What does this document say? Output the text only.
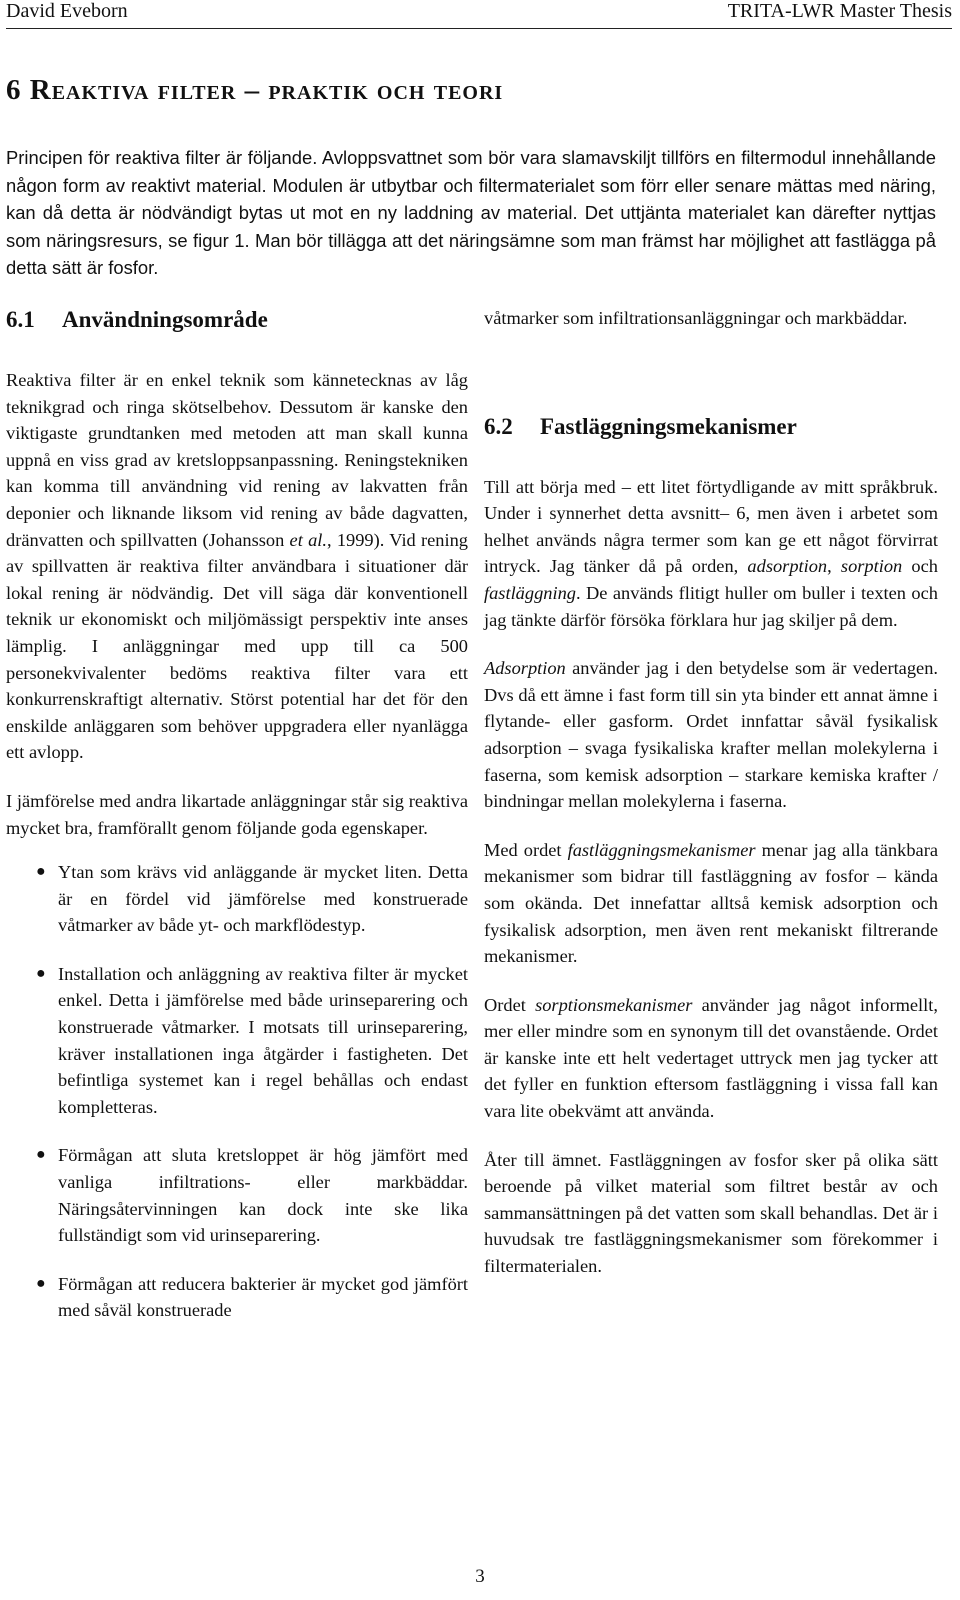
David Eveborn	TRITA-LWR Master Thesis
6 Reaktiva filter – praktik och teori
Principen för reaktiva filter är följande. Avloppsvattnet som bör vara slamavskiljt tillförs en filtermodul innehållande någon form av reaktivt material. Modulen är utbytbar och filtermaterialet som förr eller senare mättas med näring, kan då detta är nödvändigt bytas ut mot en ny laddning av material. Det uttjänta materialet kan därefter nyttjas som näringsresurs, se figur 1. Man bör tillägga att det näringsämne som man främst har möjlighet att fastlägga på detta sätt är fosfor.
6.1 Användningsområde

Reaktiva filter är en enkel teknik som kännetecknas av låg teknikgrad och ringa skötselbehov. Dessutom är kanske den viktigaste grundtanken med metoden att man skall kunna uppnå en viss grad av kretsloppsanpassning. Reningstekniken kan komma till användning vid rening av lakvatten från deponier och liknande liksom vid rening av både dagvatten, dränvatten och spillvatten (Johansson et al., 1999). Vid rening av spillvatten är reaktiva filter användbara i situationer där lokal rening är nödvändig. Det vill säga där konventionell teknik ur ekonomiskt och miljömässigt perspektiv inte anses lämplig. I anläggningar med upp till ca 500 personekvivalenter bedöms reaktiva filter vara ett konkurrenskraftigt alternativ. Störst potential har det för den enskilde anläggaren som behöver uppgradera eller nyanlägga ett avlopp.

I jämförelse med andra likartade anläggningar står sig reaktiva mycket bra, framförallt genom följande goda egenskaper.

● Ytan som krävs vid anläggande är mycket liten. Detta är en fördel vid jämförelse med konstruerade våtmarker av både yt- och markflödestyp.
● Installation och anläggning av reaktiva filter är mycket enkel. Detta i jämförelse med både urinseparering och konstruerade våtmarker. I motsats till urinseparering, kräver installationen inga åtgärder i fastigheten. Det befintliga systemet kan i regel behållas och endast kompletteras.
● Förmågan att sluta kretsloppet är hög jämfört med vanliga infiltrations- eller markbäddar. Näringsåtervinningen kan dock inte ske lika fullständigt som vid urinseparering.
● Förmågan att reducera bakterier är mycket god jämfört med såväl konstruerade

våtmarker som infiltrationsanläggningar och markbäddar.

6.2 Fastläggningsmekanismer

Till att börja med – ett litet förtydligande av mitt språkbruk. Under i synnerhet detta avsnitt– 6, men även i arbetet som helhet används några termer som kan ge ett något förvirrat intryck. Jag tänker då på orden, adsorption, sorption och fastläggning. De används flitigt huller om buller i texten och jag tänkte därför försöka förklara hur jag skiljer på dem.

Adsorption använder jag i den betydelse som är vedertagen. Dvs då ett ämne i fast form till sin yta binder ett annat ämne i flytande- eller gasform. Ordet innfattar såväl fysikalisk adsorption – svaga fysikaliska krafter mellan molekylerna i faserna, som kemisk adsorption – starkare kemiska krafter / bindningar mellan molekylerna i faserna.

Med ordet fastläggningsmekanismer menar jag alla tänkbara mekanismer som bidrar till fastläggning av fosfor – kända som okända. Det innefattar alltså kemisk adsorption och fysikalisk adsorption, men även rent mekaniskt filtrerande mekanismer.

Ordet sorptionsmekanismer använder jag något informellt, mer eller mindre som en synonym till det ovanstående. Ordet är kanske inte ett helt vedertaget uttryck men jag tycker att det fyller en funktion eftersom fastläggning i vissa fall kan vara lite obekvämt att använda.

Åter till ämnet. Fastläggningen av fosfor sker på olika sätt beroende på vilket material som filtret består av och sammansättningen på det vatten som skall behandlas. Det är i huvudsak tre fastläggningsmekanismer som förekommer i filtermaterialen.

3
